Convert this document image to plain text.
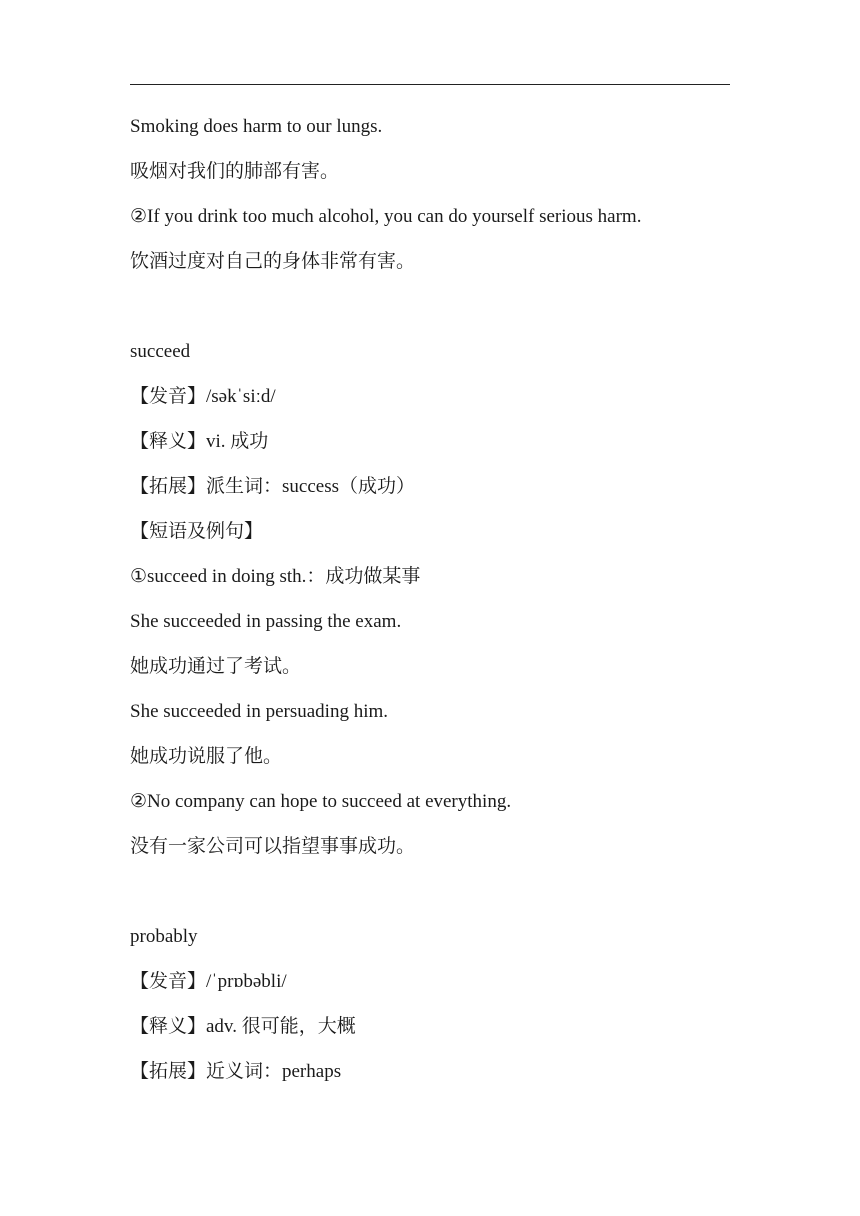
Smoking does harm to our lungs.
吸烟对我们的肺部有害。
②If you drink too much alcohol, you can do yourself serious harm.
饮酒过度对自己的身体非常有害。
succeed
【发音】/səkˈsiːd/
【释义】vi. 成功
【拓展】派生词：success（成功）
【短语及例句】
①succeed in doing sth.：成功做某事
She succeeded in passing the exam.
她成功通过了考试。
She succeeded in persuading him.
她成功说服了他。
②No company can hope to succeed at everything.
没有一家公司可以指望事事成功。
probably
【发音】/ˈprɒbəbli/
【释义】adv. 很可能，大概
【拓展】近义词：perhaps
